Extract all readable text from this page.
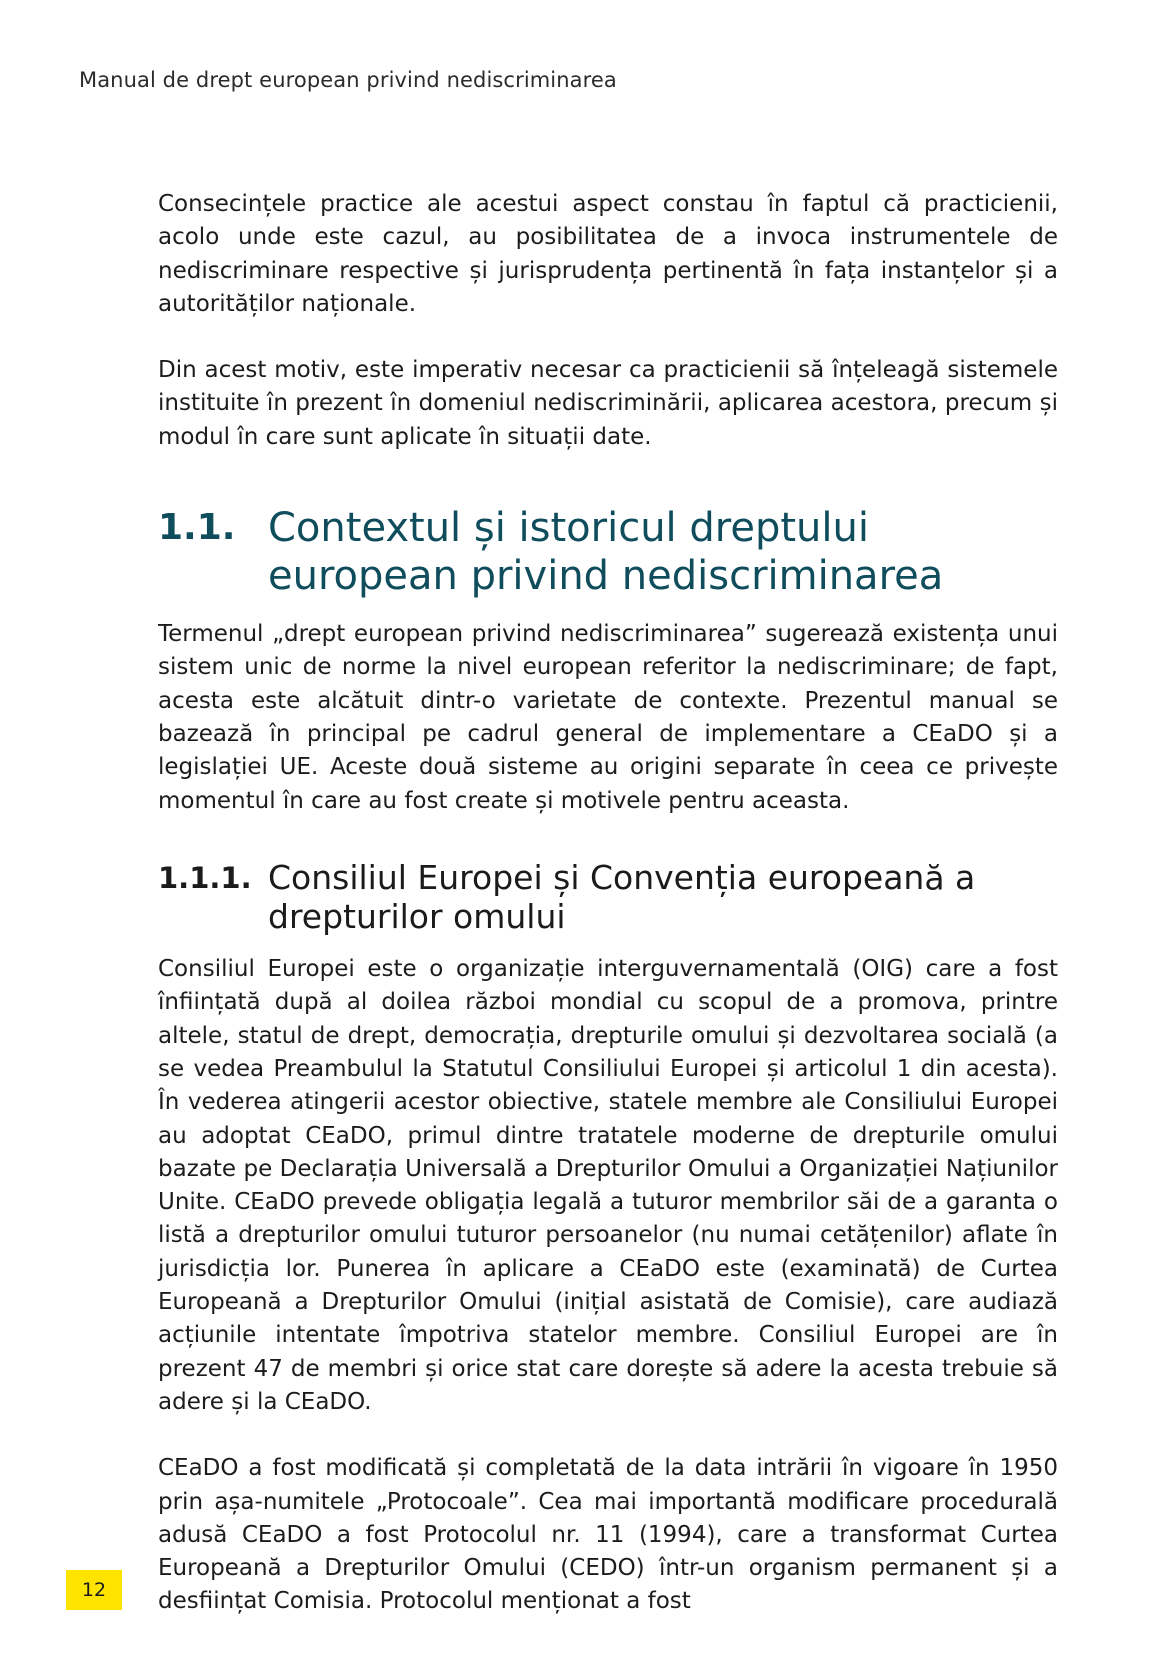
Manual de drept european privind nediscriminarea

Consecințele practice ale acestui aspect constau în faptul că practicienii, acolo unde este cazul, au posibilitatea de a invoca instrumentele de nediscriminare respective și jurisprudența pertinentă în fața instanțelor și a autorităților naționale.

Din acest motiv, este imperativ necesar ca practicienii să înțeleagă sistemele instituite în prezent în domeniul nediscriminării, aplicarea acestora, precum și modul în care sunt aplicate în situații date.

1.1. Contextul și istoricul dreptului european privind nediscriminarea

Termenul „drept european privind nediscriminarea” sugerează existența unui sistem unic de norme la nivel european referitor la nediscriminare; de fapt, acesta este alcătuit dintr-o varietate de contexte. Prezentul manual se bazează în principal pe cadrul general de implementare a CEaDO și a legislației UE. Aceste două sisteme au origini separate în ceea ce privește momentul în care au fost create și motivele pentru aceasta.

1.1.1. Consiliul Europei și Convenția europeană a drepturilor omului

Consiliul Europei este o organizație interguvernamentală (OIG) care a fost înființată după al doilea război mondial cu scopul de a promova, printre altele, statul de drept, democrația, drepturile omului și dezvoltarea socială (a se vedea Preambulul la Statutul Consiliului Europei și articolul 1 din acesta). În vederea atingerii acestor obiective, statele membre ale Consiliului Europei au adoptat CEaDO, primul dintre tratatele moderne de drepturile omului bazate pe Declarația Universală a Drepturilor Omului a Organizației Națiunilor Unite. CEaDO prevede obligația legală a tuturor membrilor săi de a garanta o listă a drepturilor omului tuturor persoanelor (nu numai cetățenilor) aflate în jurisdicția lor. Punerea în aplicare a CEaDO este (examinată) de Curtea Europeană a Drepturilor Omului (inițial asistată de Comisie), care audiază acțiunile intentate împotriva statelor membre. Consiliul Europei are în prezent 47 de membri și orice stat care dorește să adere la acesta trebuie să adere și la CEaDO.

CEaDO a fost modificată și completată de la data intrării în vigoare în 1950 prin așa-numitele „Protocoale”. Cea mai importantă modificare procedurală adusă CEaDO a fost Protocolul nr. 11 (1994), care a transformat Curtea Europeană a Drepturilor Omului (CEDO) într-un organism permanent și a desființat Comisia. Protocolul menționat a fost

12
